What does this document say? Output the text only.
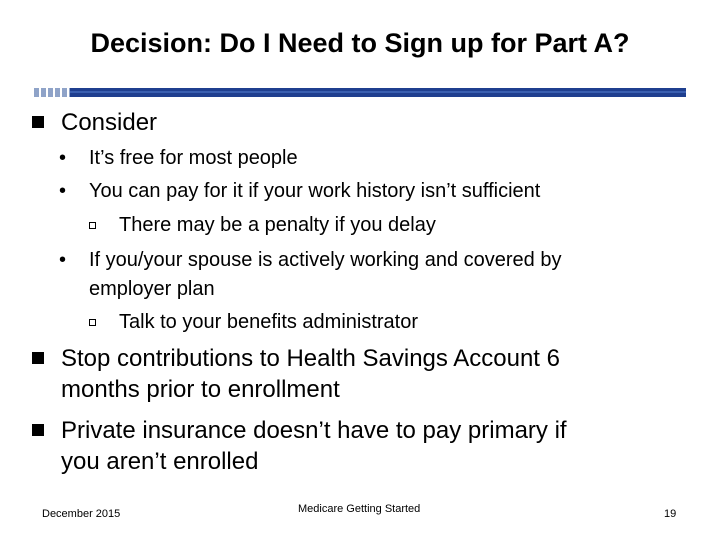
Decision: Do I Need to Sign up for Part A?
Consider
• It’s free for most people
• You can pay for it if your work history isn’t sufficient
There may be a penalty if you delay
• If you/your spouse is actively working and covered by
employer plan
Talk to your benefits administrator
Stop contributions to Health Savings Account 6
months prior to enrollment
Private insurance doesn’t have to pay primary if
you aren’t enrolled
December 2015	Medicare Getting Started	19
